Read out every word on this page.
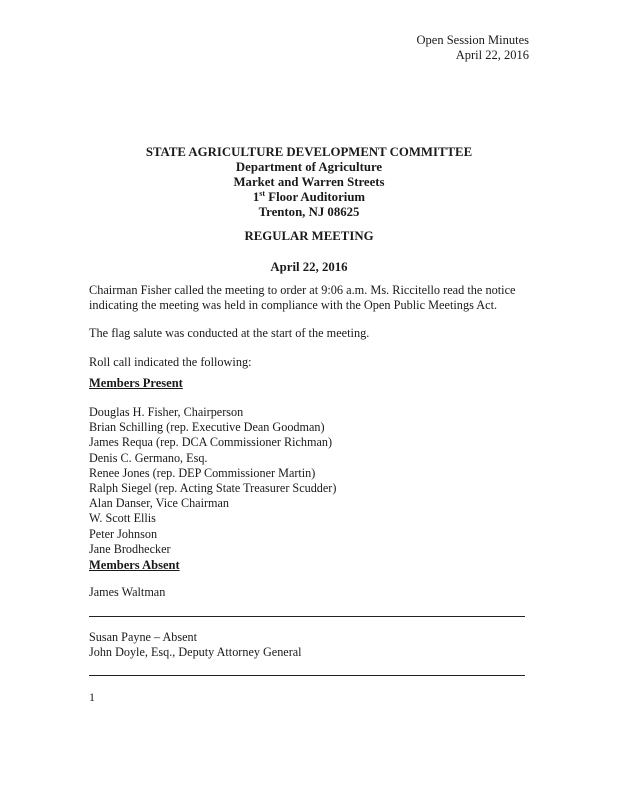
Open Session Minutes
April 22, 2016
STATE AGRICULTURE DEVELOPMENT COMMITTEE
Department of Agriculture
Market and Warren Streets
1st Floor Auditorium
Trenton, NJ 08625
REGULAR MEETING
April 22, 2016
Chairman Fisher called the meeting to order at 9:06 a.m. Ms. Riccitello read the notice
indicating the meeting was held in compliance with the Open Public Meetings Act.
The flag salute was conducted at the start of the meeting.
Roll call indicated the following:
Members Present
Douglas H. Fisher, Chairperson
Brian Schilling (rep. Executive Dean Goodman)
James Requa (rep. DCA Commissioner Richman)
Denis C. Germano, Esq.
Renee Jones (rep. DEP Commissioner Martin)
Ralph Siegel (rep. Acting State Treasurer Scudder)
Alan Danser, Vice Chairman
W. Scott Ellis
Peter Johnson
Jane Brodhecker
Members Absent
James Waltman
Susan Payne – Absent
John Doyle, Esq., Deputy Attorney General
1
